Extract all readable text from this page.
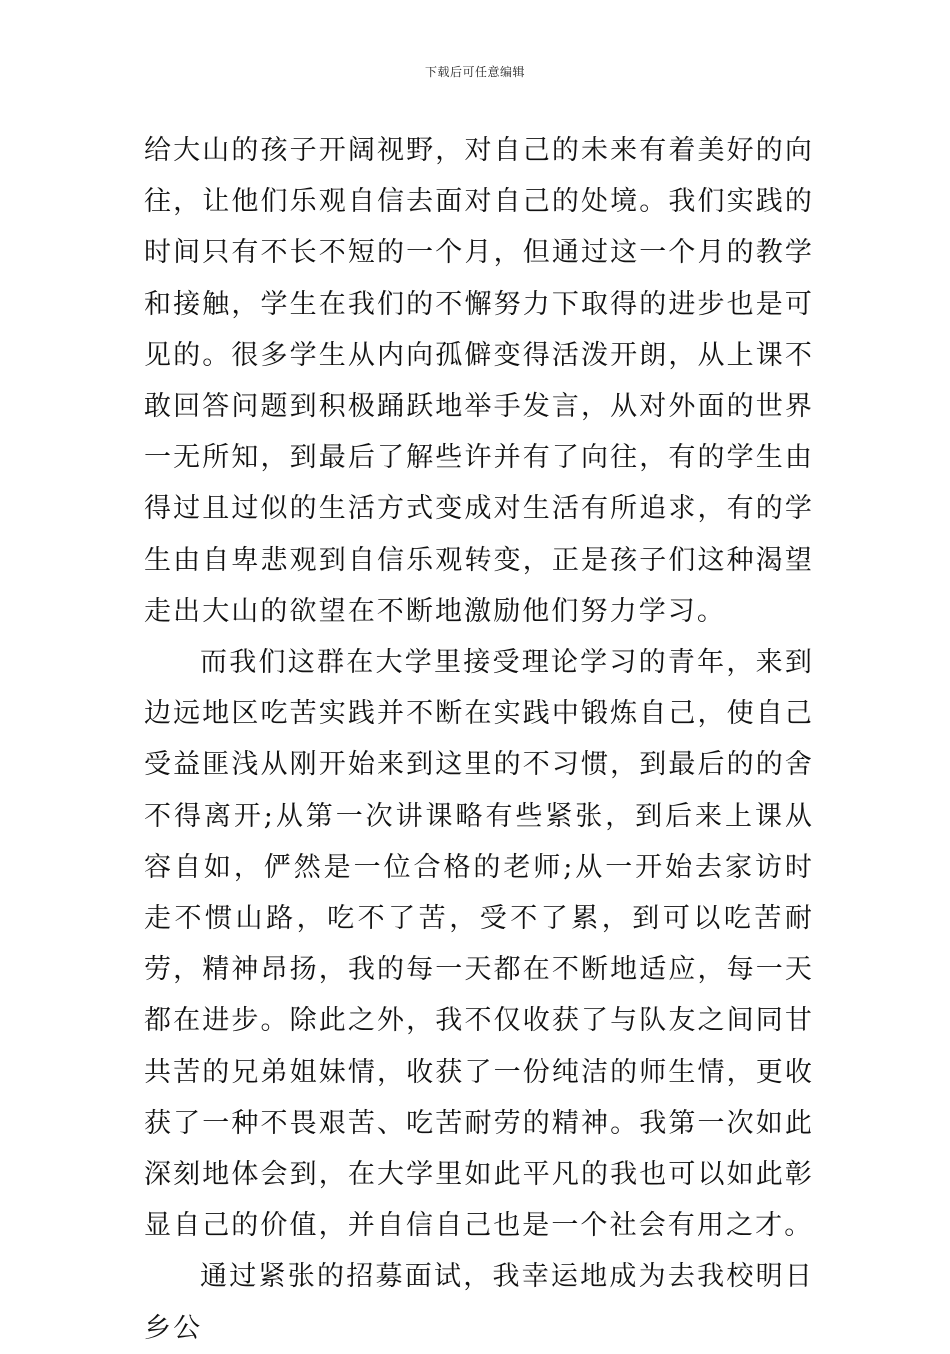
下载后可任意编辑

给大山的孩子开阔视野，对自己的未来有着美好的向往，让他们乐观自信去面对自己的处境。我们实践的时间只有不长不短的一个月，但通过这一个月的教学和接触，学生在我们的不懈努力下取得的进步也是可见的。很多学生从内向孤僻变得活泼开朗，从上课不敢回答问题到积极踊跃地举手发言，从对外面的世界一无所知，到最后了解些许并有了向往，有的学生由得过且过似的生活方式变成对生活有所追求，有的学生由自卑悲观到自信乐观转变，正是孩子们这种渴望走出大山的欲望在不断地激励他们努力学习。

而我们这群在大学里接受理论学习的青年，来到边远地区吃苦实践并不断在实践中锻炼自己，使自己受益匪浅从刚开始来到这里的不习惯，到最后的的舍不得离开;从第一次讲课略有些紧张，到后来上课从容自如，俨然是一位合格的老师;从一开始去家访时走不惯山路，吃不了苦，受不了累，到可以吃苦耐劳，精神昂扬，我的每一天都在不断地适应，每一天都在进步。除此之外，我不仅收获了与队友之间同甘共苦的兄弟姐妹情，收获了一份纯洁的师生情，更收获了一种不畏艰苦、吃苦耐劳的精神。我第一次如此深刻地体会到，在大学里如此平凡的我也可以如此彰显自己的价值，并自信自己也是一个社会有用之才。

通过紧张的招募面试，我幸运地成为去我校明日乡公
